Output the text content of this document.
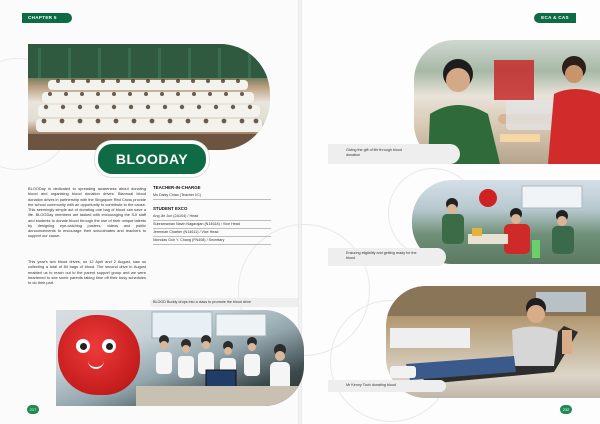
CHAPTER 5	ECA & CAS
BLOODAY
BLOODay is dedicated to spreading awareness about donating blood and organising blood donation drives. Biannual blood donation drives in partnership with the Singapore Red Cross provide the school community with an opportunity to contribute to the cause. This seemingly simple act of donating one bag of blood can save a life. BLOODay members are tasked with encouraging the SJI staff and students to donate blood through the use of their unique talents by designing eye-catching posters, videos and public announcements to encourage their schoolmates and teachers to support our cause.
This year's two blood drives, on 12 April and 2 August, saw us collecting a total of 84 bags of blood. The second drive in August enabled us to reach out to the parent support group and we were heartened to see some parents taking time off their busy schedules to do their part.
TEACHER-IN-CHARGE
Ms Daisy Chiao (Teacher I/C)
STUDENT EXCO
Ang Jie Jun (2A104) / Head
Subramanian Navin Nagarajan (N14618) / Vice Head
Jeremiah Chartier (N14611) / Vice Head
Nicholas Goh Y. Chang (FN408) / Secretary
BLOOD Buddy drops into a class to promote the blood drive
217
Giving the gift of life through blood donation
Ensuring eligibility and getting ready for the blood
Mr Kenny Tooh donating blood
232
